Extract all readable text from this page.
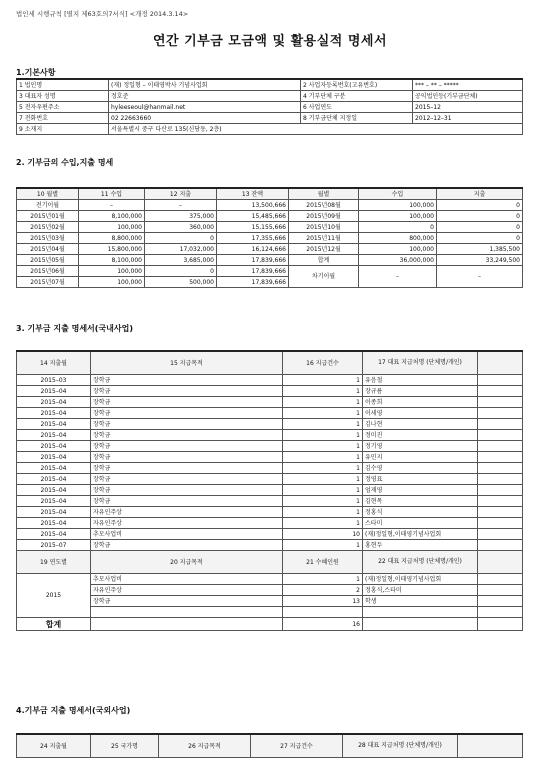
법인세 시행규칙 [별지 제63호의7서식] <개정 2014.3.14>
연간 기부금 모금액 및 활용실적 명세서
1.기본사항
1 법인명	(재) 정일형 – 이태영박사 기념사업회	2 사업자등록번호(고유번호)	*** – ** – *****
3 대표자 성명	정호준	4 기부단체 구분	공익법인등(기부금단체)
5 전자우편주소	hyleeseoul@hanmail.net	6 사업연도	2015–12
7 전화번호	02 22663660	8 기부금단체 지정일	2012–12–31
9 소재지	서울특별시 중구 다산로 135(신당동, 2층)		
2. 기부금의 수입,지출 명세
10 월별	11 수입	12 지출	13 잔액	월별	수입	지출
전기이월	–	–	13,500,666	2015년08월	100,000	0
2015년01월	8,100,000	375,000	15,485,666	2015년09월	100,000	0
2015년02월	100,000	360,000	15,155,666	2015년10월	0	0
2015년03월	8,800,000	0	17,355,666	2015년11월	800,000	0
2015년04월	15,800,000	17,032,000	16,124,666	2015년12월	100,000	1,385,500
2015년05월	8,100,000	3,685,000	17,839,666	합계	36,000,000	33,249,500
2015년06월	100,000	0	17,839,666	차기이월	–	–
2015년07월	100,000	500,000	17,839,666			
3. 기부금 지출 명세서(국내사업)
14 지출월	15 지급목적	16 지급건수	17 대표 지급처명 (단체명/개인)	
2015–03	장학금	1	유음철	
2015–04	장학금	1	장규름	
2015–04	장학금	1	이종희	
2015–04	장학금	1	이세영	
2015–04	장학금	1	김나현	
2015–04	장학금	1	정미진	
2015–04	장학금	1	정기영	
2015–04	장학금	1	유민지	
2015–04	장학금	1	김수영	
2015–04	장학금	1	정영표	
2015–04	장학금	1	엄재영	
2015–04	장학금	1	김현목	
2015–04	자유인주상	1	정홍식	
2015–04	자유인주상	1	스타미	
2015–04	추모사업비	10	(재)정일형,이태영기념사업회	
2015–07	장학금	1	홍현두	
19 연도별	20 지급목적	21 수혜인원	22 대표 지급처명 (단체명/개인)	
2015	추모사업비	1	(재)정일형,이태영기념사업회	
	자유인주상	2	정홍식,스타미	
	장학금	13	학생	

합계		16		
4.기부금 지출 명세서(국외사업)
24 지출월	25 국가명	26 지급목적	27 지급건수	28 대표 지급처명 (단체명/개인)	
